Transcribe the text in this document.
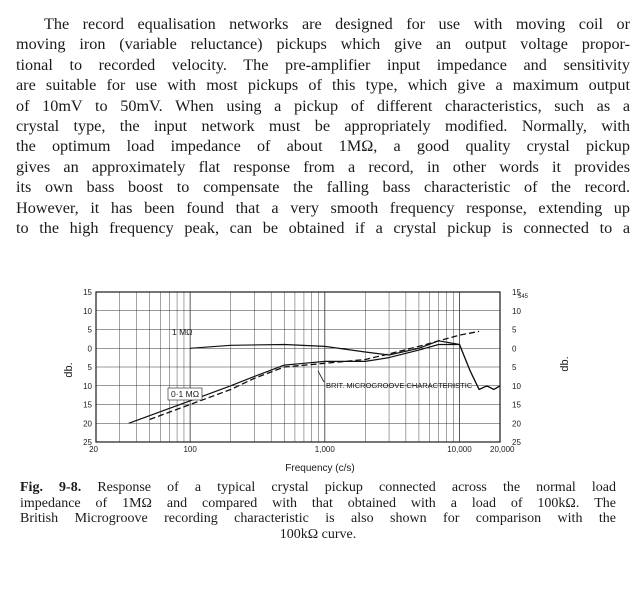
The record equalisation networks are designed for use with moving coil or
moving iron (variable reluctance) pickups which give an output voltage propor-
tional to recorded velocity. The pre-amplifier input impedance and sensitivity
are suitable for use with most pickups of this type, which give a maximum output
of 10mV to 50mV. When using a pickup of different characteristics, such as a
crystal type, the input network must be appropriately modified. Normally, with
the optimum load impedance of about 1MΩ, a good quality crystal pickup
gives an approximately flat response from a record, in other words it provides
its own bass boost to compensate the falling bass characteristic of the record.
However, it has been found that a very smooth frequency response, extending up
to the high frequency peak, can be obtained if a crystal pickup is connected to a

15
10
5
0
5
10
15
20
25
15
10
5
0
5
10
15
20
25
20	100	1,000	10,000 20,000
db.	db.
545
Frequency (c/s)
1 MΩ
0·1 MΩ
BRIT. MICROGROOVE CHARACTERISTIC

Fig. 9-8. Response of a typical crystal pickup connected across the normal load
impedance of 1MΩ and compared with that obtained with a load of 100kΩ. The
British Microgroove recording characteristic is also shown for comparison with the
100kΩ curve.
